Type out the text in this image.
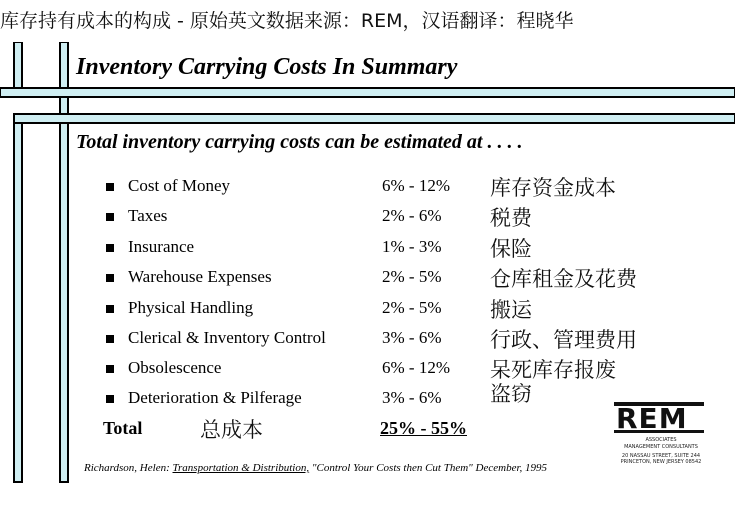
库存持有成本的构成 - 原始英文数据来源：REM，汉语翻译：程晓华
Inventory Carrying Costs In Summary
Total inventory carrying costs can be estimated at . . . .
Cost of Money	6% - 12% 库存资金成本
Taxes	2% - 6% 税费
Insurance	1% - 3% 保险
Warehouse Expenses	2% - 5% 仓库租金及花费
Physical Handling	2% - 5% 搬运
Clerical & Inventory Control	3% - 6% 行政、管理费用
Obsolescence	6% - 12% 呆死库存报废
Deterioration & Pilferage	3% - 6% 盗窃
Total	总成本	25% - 55%
Richardson, Helen: Transportation & Distribution, "Control Your Costs then Cut Them" December, 1995
REM
ASSOCIATES
MANAGEMENT CONSULTANTS
20 NASSAU STREET, SUITE 244
PRINCETON, NEW JERSEY 08542
